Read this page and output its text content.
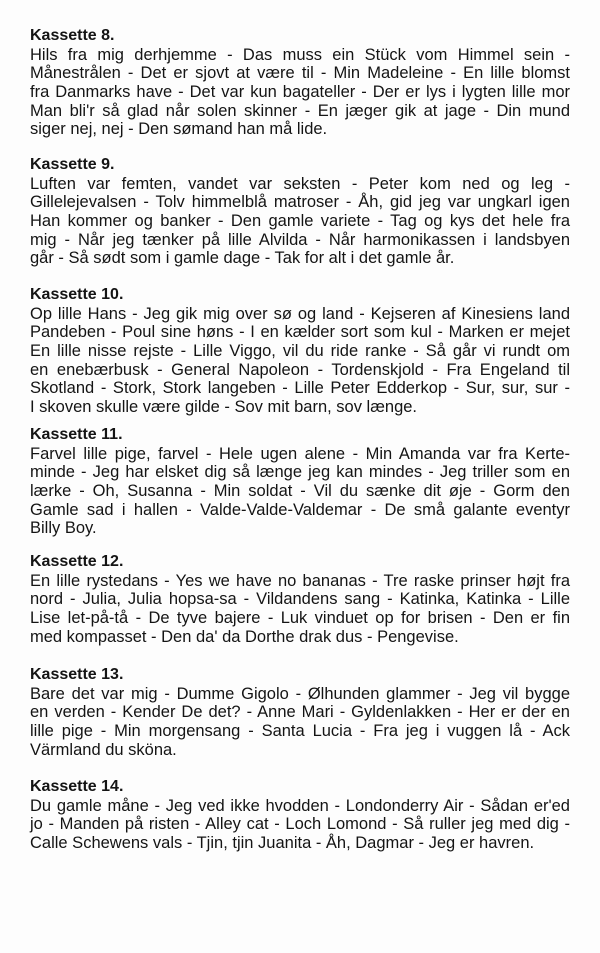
Kassette 8.
Hils fra mig derhjemme - Das muss ein Stück vom Himmel sein -
Månestrålen - Det er sjovt at være til - Min Madeleine - En lille blomst
fra Danmarks have - Det var kun bagateller - Der er lys i lygten lille mor
Man bli'r så glad når solen skinner - En jæger gik at jage - Din mund
siger nej, nej - Den sømand han må lide.
Kassette 9.
Luften var femten, vandet var seksten - Peter kom ned og leg -
Gillelejevalsen - Tolv himmelblå matroser - Åh, gid jeg var ungkarl igen
Han kommer og banker - Den gamle variete - Tag og kys det hele fra
mig - Når jeg tænker på lille Alvilda - Når harmonikassen i landsbyen
går - Så sødt som i gamle dage - Tak for alt i det gamle år.
Kassette 10.
Op lille Hans - Jeg gik mig over sø og land - Kejseren af Kinesiens land
Pandeben - Poul sine høns - I en kælder sort som kul - Marken er mejet
En lille nisse rejste - Lille Viggo, vil du ride ranke - Så går vi rundt om
en enebærbusk - General Napoleon - Tordenskjold - Fra Engeland til
Skotland - Stork, Stork langeben - Lille Peter Edderkop - Sur, sur, sur -
I skoven skulle være gilde - Sov mit barn, sov længe.
Kassette 11.
Farvel lille pige, farvel - Hele ugen alene - Min Amanda var fra Kerte-
minde - Jeg har elsket dig så længe jeg kan mindes - Jeg triller som en
lærke - Oh, Susanna - Min soldat - Vil du sænke dit øje - Gorm den
Gamle sad i hallen - Valde-Valde-Valdemar - De små galante eventyr
Billy Boy.
Kassette 12.
En lille rystedans - Yes we have no bananas - Tre raske prinser højt fra
nord - Julia, Julia hopsa-sa - Vildandens sang - Katinka, Katinka - Lille
Lise let-på-tå - De tyve bajere - Luk vinduet op for brisen - Den er fin
med kompasset - Den da' da Dorthe drak dus - Pengevise.
Kassette 13.
Bare det var mig - Dumme Gigolo - Ølhunden glammer - Jeg vil bygge
en verden - Kender De det? - Anne Mari - Gyldenlakken - Her er der en
lille pige - Min morgensang - Santa Lucia - Fra jeg i vuggen lå - Ack
Värmland du sköna.
Kassette 14.
Du gamle måne - Jeg ved ikke hvodden - Londonderry Air - Sådan er'ed
jo - Manden på risten - Alley cat - Loch Lomond - Så ruller jeg med dig -
Calle Schewens vals - Tjin, tjin Juanita - Åh, Dagmar - Jeg er havren.
